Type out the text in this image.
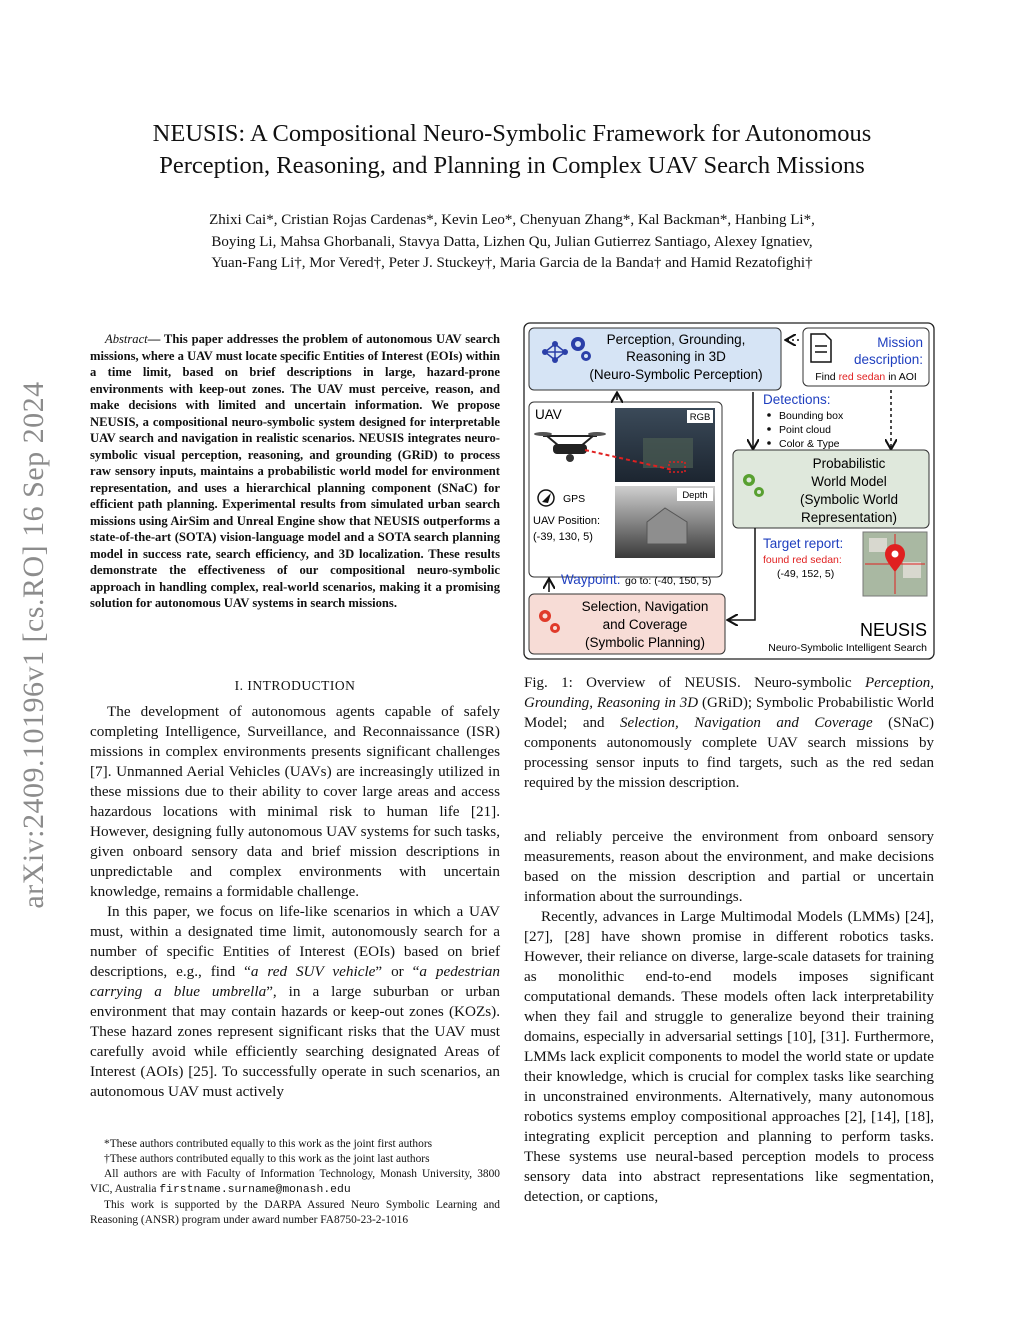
arXiv:2409.10196v1 [cs.RO] 16 Sep 2024
NEUSIS: A Compositional Neuro-Symbolic Framework for Autonomous
Perception, Reasoning, and Planning in Complex UAV Search Missions
Zhixi Cai*, Cristian Rojas Cardenas*, Kevin Leo*, Chenyuan Zhang*, Kal Backman*, Hanbing Li*,
Boying Li, Mahsa Ghorbanali, Stavya Datta, Lizhen Qu, Julian Gutierrez Santiago, Alexey Ignatiev,
Yuan-Fang Li†, Mor Vered†, Peter J. Stuckey†, Maria Garcia de la Banda† and Hamid Rezatofighi†
Abstract— This paper addresses the problem of autonomous UAV search missions, where a UAV must locate specific Entities of Interest (EOIs) within a time limit, based on brief descriptions in large, hazard-prone environments with keep-out zones. The UAV must perceive, reason, and make decisions with limited and uncertain information. We propose NEUSIS, a compositional neuro-symbolic system designed for interpretable UAV search and navigation in realistic scenarios. NEUSIS integrates neuro-symbolic visual perception, reasoning, and grounding (GRiD) to process raw sensory inputs, maintains a probabilistic world model for environment representation, and uses a hierarchical planning component (SNaC) for efficient path planning. Experimental results from simulated urban search missions using AirSim and Unreal Engine show that NEUSIS outperforms a state-of-the-art (SOTA) vision-language model and a SOTA search planning model in success rate, search efficiency, and 3D localization. These results demonstrate the effectiveness of our compositional neuro-symbolic approach in handling complex, real-world scenarios, making it a promising solution for autonomous UAV systems in search missions.
I. INTRODUCTION

The development of autonomous agents capable of safely completing Intelligence, Surveillance, and Reconnaissance (ISR) missions in complex environments presents significant challenges [7]. Unmanned Aerial Vehicles (UAVs) are increasingly utilized in these missions due to their ability to cover large areas and access hazardous locations with minimal risk to human life [21]. However, designing fully autonomous UAV systems for such tasks, given onboard sensory data and brief mission descriptions in unpredictable and complex environments with uncertain knowledge, remains a formidable challenge.

In this paper, we focus on life-like scenarios in which a UAV must, within a designated time limit, autonomously search for a number of specific Entities of Interest (EOIs) based on brief descriptions, e.g., find “a red SUV vehicle” or “a pedestrian carrying a blue umbrella”, in a large suburban or urban environment that may contain hazards or keep-out zones (KOZs). These hazard zones represent significant risks that the UAV must carefully avoid while efficiently searching designated Areas of Interest (AOIs) [25]. To successfully operate in such scenarios, an autonomous UAV must actively

*These authors contributed equally to this work as the joint first authors

†These authors contributed equally to this work as the joint last authors

All authors are with Faculty of Information Technology, Monash University, 3800 VIC, Australia firstname.surname@monash.edu

This work is supported by the DARPA Assured Neuro Symbolic Learning and Reasoning (ANSR) program under award number FA8750-23-2-1016

Perception, Grounding,
Reasoning in 3D
(Neuro-Symbolic Perception)
Mission
description:
Find red sedan in AOI
UAV	RGB
Depth
GPS
UAV Position:
(-39, 130, 5)
Detections:
Bounding box
Point cloud
Color & Type
Probabilistic
World Model
(Symbolic World
Representation)
Target report:
found red sedan:
(-49, 152, 5)
Waypoint: go to: (-40, 150, 5)
Selection, Navigation
and Coverage
(Symbolic Planning)
NEUSIS
Neuro-Symbolic Intelligent Search
Fig. 1: Overview of NEUSIS. Neuro-symbolic Perception, Grounding, Reasoning in 3D (GRiD); Symbolic Probabilistic World Model; and Selection, Navigation and Coverage (SNaC) components autonomously complete UAV search missions by processing sensor inputs to find targets, such as the red sedan required by the mission description.

and reliably perceive the environment from onboard sensory measurements, reason about the environment, and make decisions based on the mission description and partial or uncertain information about the surroundings.

Recently, advances in Large Multimodal Models (LMMs) [24], [27], [28] have shown promise in different robotics tasks. However, their reliance on diverse, large-scale datasets for training as monolithic end-to-end models imposes significant computational demands. These models often lack interpretability when they fail and struggle to generalize beyond their training domains, especially in adversarial settings [10], [31]. Furthermore, LMMs lack explicit components to model the world state or update their knowledge, which is crucial for complex tasks like searching in unconstrained environments. Alternatively, many autonomous robotics systems employ compositional approaches [2], [14], [18], integrating explicit perception and planning to perform tasks. These systems use neural-based perception models to process sensory data into abstract representations like segmentation, detection, or captions,
